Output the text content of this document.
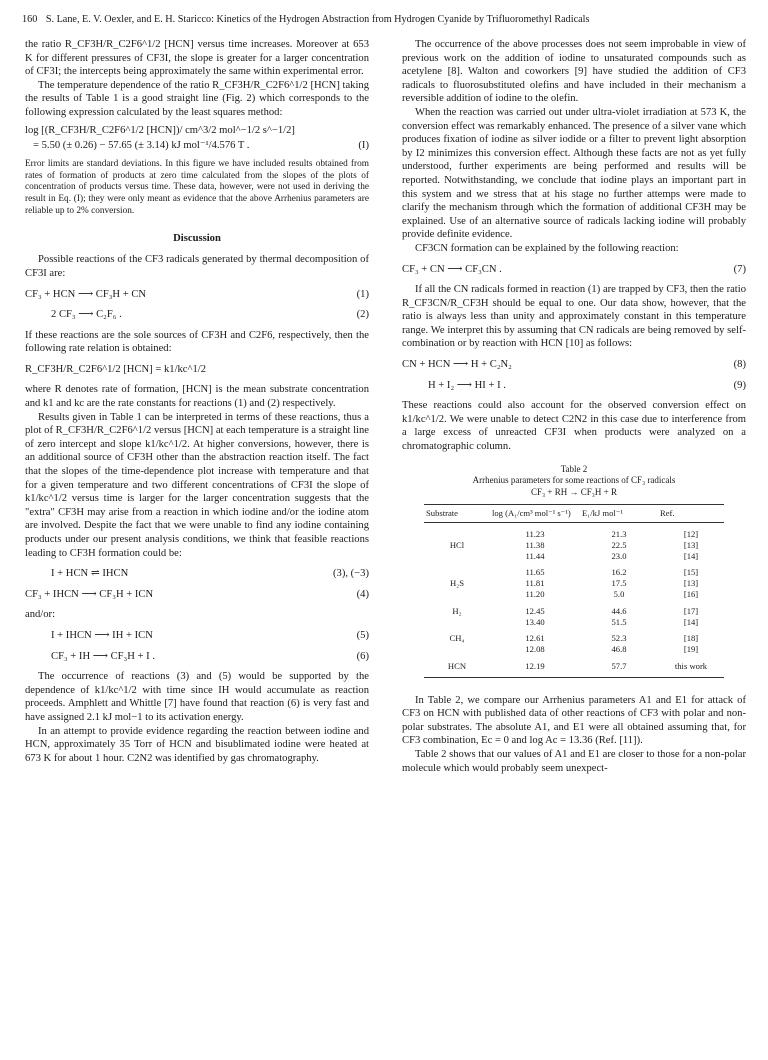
160 S. Lane, E. V. Oexler, and E. H. Staricco: Kinetics of the Hydrogen Abstraction from Hydrogen Cyanide by Trifluoromethyl Radicals

the ratio R_CF3H/R_C2F6^1/2 [HCN] versus time increases. Moreover at 653 K for different pressures of CF3I, the slope is greater for a larger concentration of CF3I; the intercepts being approximately the same within experimental error.

The temperature dependence of the ratio R_CF3H/R_C2F6^1/2 [HCN] taking the results of Table 1 is a good straight line (Fig. 2) which corresponds to the following expression calculated by the least squares method:

log [(R_CF3H/R_C2F6^1/2 [HCN])/ cm^3/2 mol^−1/2 s^−1/2]
= 5.50 (± 0.26) − 57.65 (± 3.14) kJ mol⁻¹/4.576 T .	(I)

Error limits are standard deviations. In this figure we have included results obtained from rates of formation of products at zero time calculated from the slopes of the plots of concentration of products versus time. These data, however, were not used in deriving the result in Eq. (I); they were only meant as evidence that the above Arrhenius parameters are reliable up to 2% conversion.

Discussion

Possible reactions of the CF3 radicals generated by thermal decomposition of CF3I are:

CF₃ + HCN ⟶ CF₃H + CN	(1)
2 CF₃ ⟶ C₂F₆ .	(2)

If these reactions are the sole sources of CF3H and C2F6, respectively, then the following rate relation is obtained:

R_CF3H/R_C2F6^1/2 [HCN] = k1/kc^1/2

where R denotes rate of formation, [HCN] is the mean substrate concentration and k1 and kc are the rate constants for reactions (1) and (2) respectively.

Results given in Table 1 can be interpreted in terms of these reactions, thus a plot of R_CF3H/R_C2F6^1/2 versus [HCN] at each temperature is a straight line of zero intercept and slope k1/kc^1/2. At higher conversions, however, there is an additional source of CF3H other than the abstraction reaction itself. The fact that the slopes of the time-dependence plot increase with temperature and that for a given temperature and two different concentrations of CF3I the slope of k1/kc^1/2 versus time is larger for the larger concentration suggests that the "extra" CF3H may arise from a reaction in which iodine and/or the iodine atom are involved. Despite the fact that we were unable to find any iodine containing products under our present analysis conditions, we think that feasible reactions leading to CF3H formation could be:

I + HCN ⇌ IHCN	(3), (−3)
CF₃ + IHCN ⟶ CF₃H + ICN	(4)

and/or:

I + IHCN ⟶ IH + ICN	(5)
CF₃ + IH ⟶ CF₃H + I .	(6)

The occurrence of reactions (3) and (5) would be supported by the dependence of k1/kc^1/2 with time since IH would accumulate as reaction proceeds. Amphlett and Whittle [7] have found that reaction (6) is very fast and have assigned 2.1 kJ mol−1 to its activation energy.

In an attempt to provide evidence regarding the reaction between iodine and HCN, approximately 35 Torr of HCN and bisublimated iodine were heated at 673 K for about 1 hour. C2N2 was identified by gas chromatography.

The occurrence of the above processes does not seem improbable in view of previous work on the addition of iodine to unsaturated compounds such as acetylene [8]. Walton and coworkers [9] have studied the addition of CF3 radicals to fluorosubstituted olefins and have included in their mechanism a reversible addition of iodine to the olefin.

When the reaction was carried out under ultra-violet irradiation at 573 K, the conversion effect was remarkably enhanced. The presence of a silver vane which produces fixation of iodine as silver iodide or a filter to prevent light absorption by I2 minimizes this conversion effect. Although these facts are not as yet fully understood, further experiments are being performed and results will be reported. Notwithstanding, we conclude that iodine plays an important part in this system and we stress that at his stage no further attemps were made to clarify the mechanism through which the formation of additional CF3H may be explained. Use of an alternative source of radicals lacking iodine will probably provide definite evidence.

CF3CN formation can be explained by the following reaction:

CF₃ + CN ⟶ CF₃CN .	(7)

If all the CN radicals formed in reaction (1) are trapped by CF3, then the ratio R_CF3CN/R_CF3H should be equal to one. Our data show, however, that the ratio is always less than unity and approximately constant in this temperature range. We interpret this by assuming that CN radicals are being removed by self-combination or by reaction with HCN [10] as follows:

CN + HCN ⟶ H + C₂N₂	(8)
H + I₂ ⟶ HI + I .	(9)

These reactions could also account for the observed conversion effect on k1/kc^1/2. We were unable to detect C2N2 in this case due to interference from a large excess of unreacted CF3I when products were analyzed on a chromatographic column.

Table 2
Arrhenius parameters for some reactions of CF₃ radicals
CF₃ + RH → CF₃H + R
Substrate	log (A₁/cm³ mol⁻¹ s⁻¹)	E₁/kJ mol⁻¹	Ref.
	11.23	21.3	[12]
HCl	11.38	22.5	[13]
	11.44	23.0	[14]
	11.65	16.2	[15]
H₂S	11.81	17.5	[13]
	11.20	5.0	[16]
H₂	12.45	44.6	[17]
	13.40	51.5	[14]
CH₄	12.61	52.3	[18]
	12.08	46.8	[19]
HCN	12.19	57.7	this work

In Table 2, we compare our Arrhenius parameters A1 and E1 for attack of CF3 on HCN with published data of other reactions of CF3 with polar and non-polar substrates. The absolute A1, and E1 were all obtained assuming that, for CF3 combination, Ec = 0 and log Ac = 13.36 (Ref. [11]).

Table 2 shows that our values of A1 and E1 are closer to those for a non-polar molecule which would probably seem unexpect-
